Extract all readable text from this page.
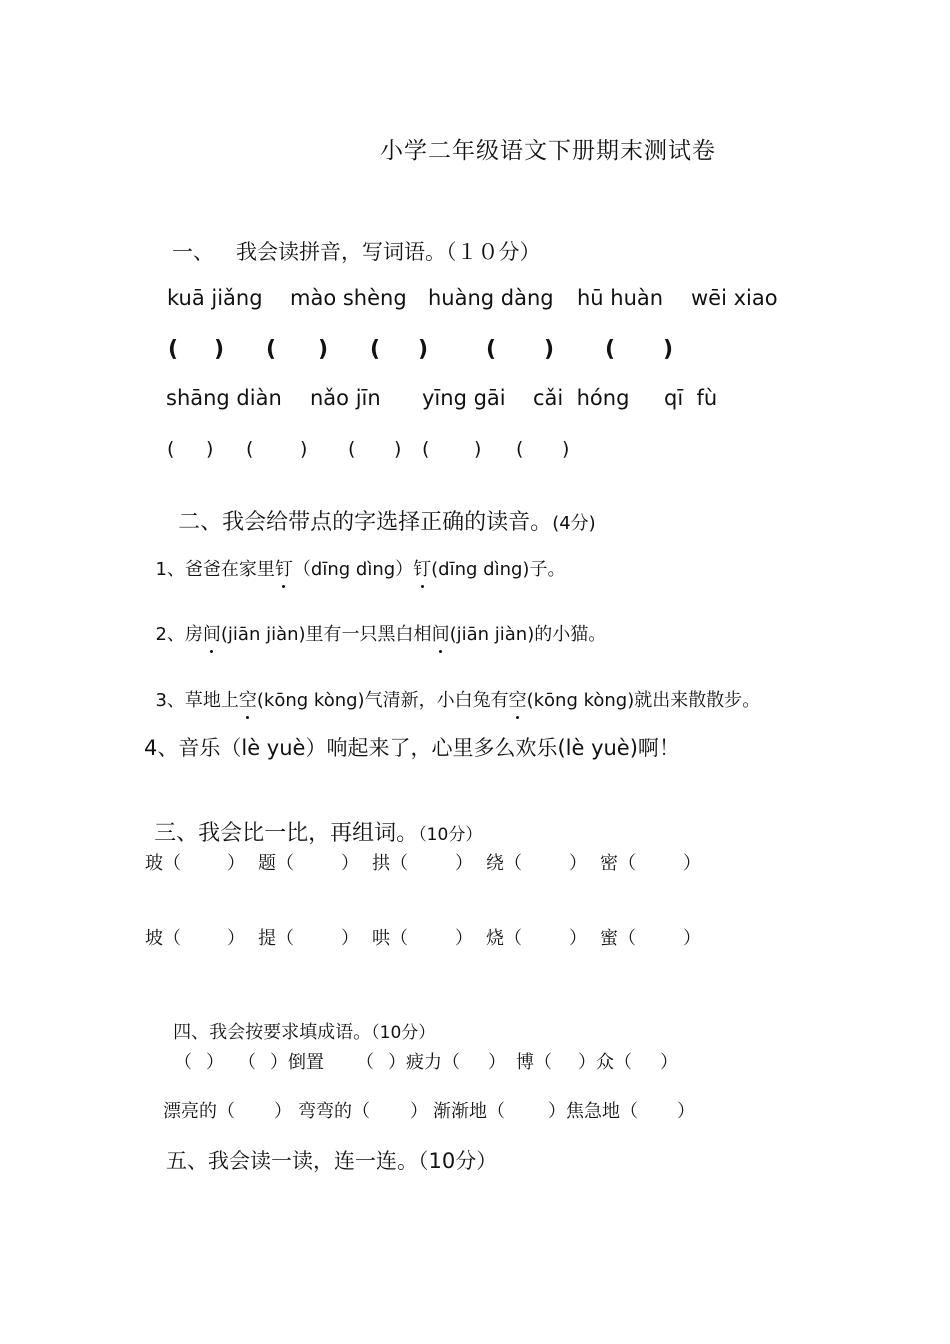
小学二年级语文下册期末测试卷
一、 我会读拼音，写词语。（１０分）
kuā jiǎng mào shèng huàng dàng hū huàn wēi xiao
( ) ( ) ( )	( ) ( )
shāng diàn nǎo jīn yīng gāi cǎi  hóng qī  fù
( ) ( ) ( ) ( ) ( )

二、我会给带点的字选择正确的读音。(4分)

1、爸爸在家里钉（dīng dìng）钉(dīng dìng)子。

2、房间(jiān jiàn)里有一只黑白相间(jiān jiàn)的小猫。

3、草地上空(kōng kòng)气清新，小白兔有空(kōng kòng)就出来散散步。

4、音乐（lè yuè）响起来了，心里多么欢乐(lè yuè)啊！

三、我会比一比，再组词。（10分）

玻（	） 题（	） 拱（	） 绕（	） 密（	）
坡（	） 提（	） 哄（	） 烧（	） 蜜（	）

四、我会按要求填成语。（10分）

（ ） （ ）倒置 （ ）疲力（ ） 博（ ）众（ ）
漂亮的（ ） 弯弯的（ ） 渐渐地（ ）焦急地（ ）
五、我会读一读，连一连。（10分）
